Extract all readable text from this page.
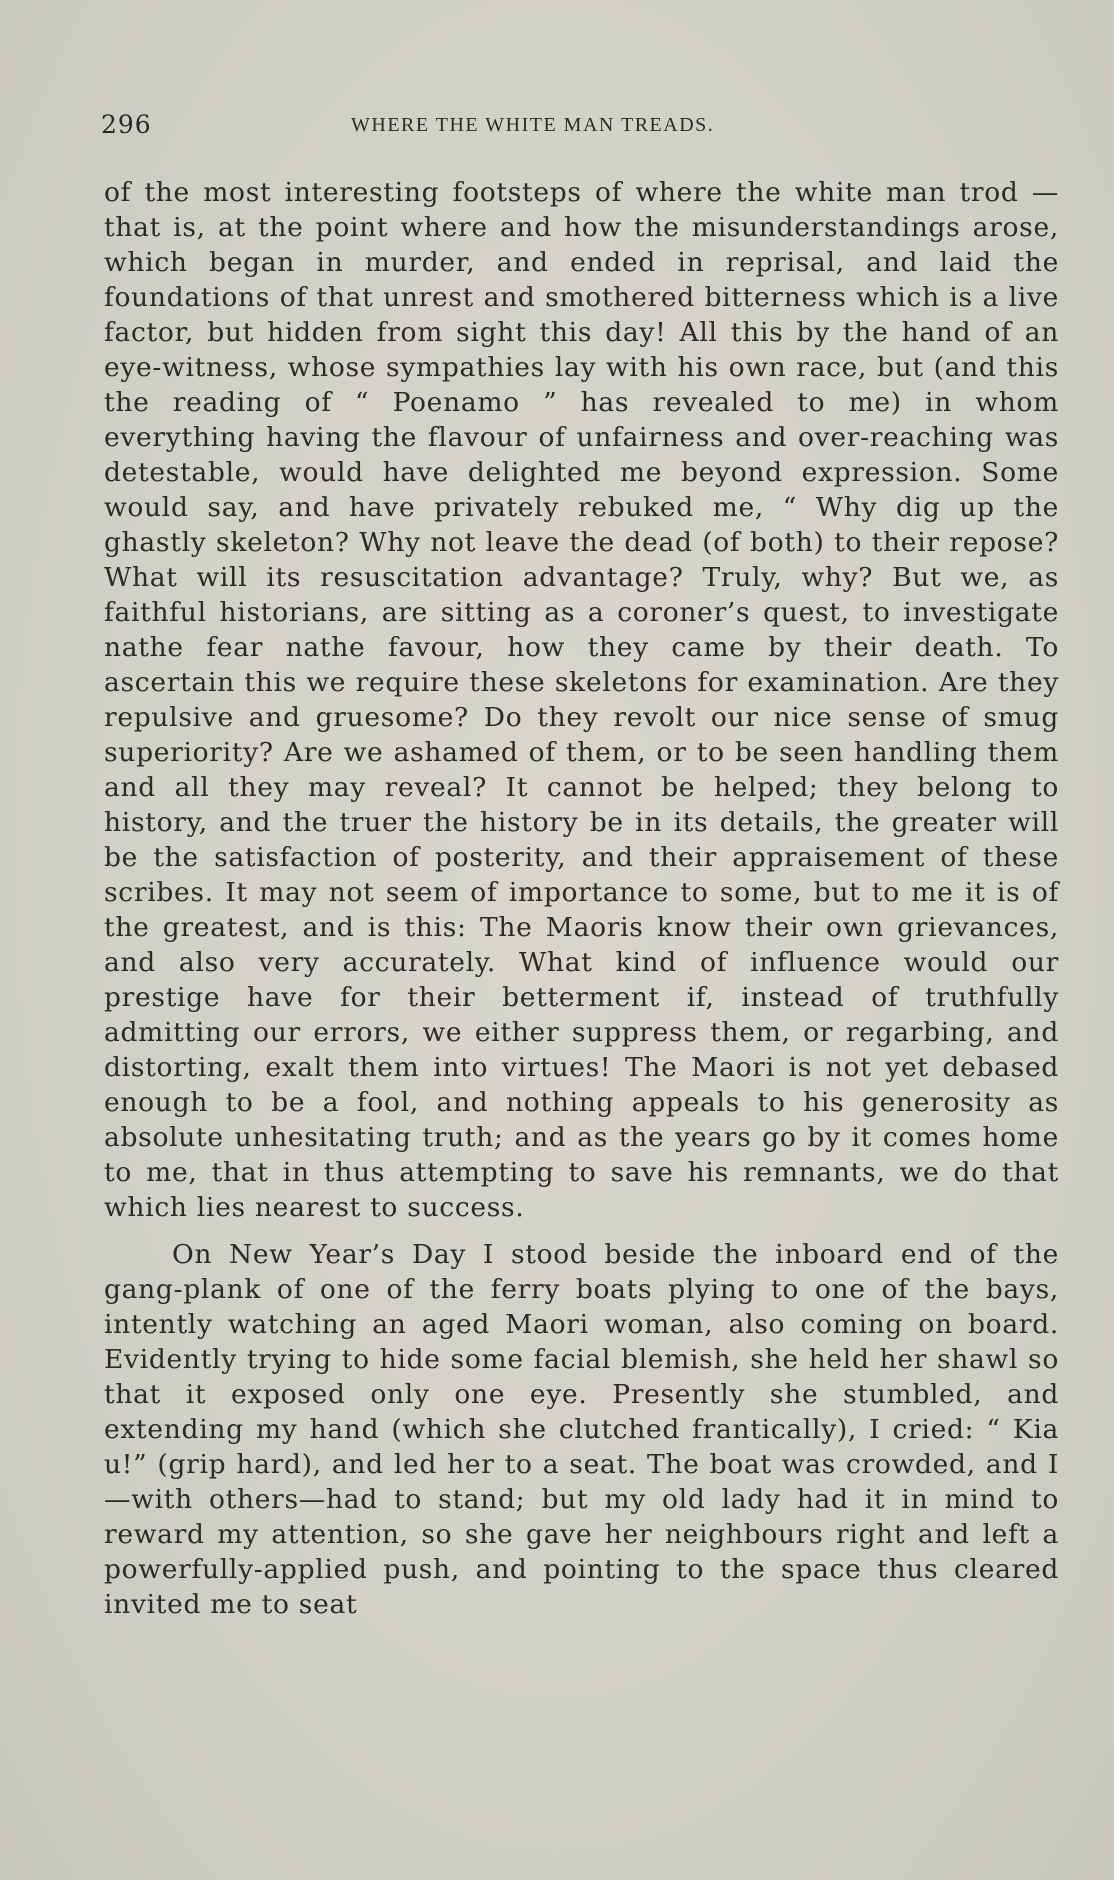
296	WHERE THE WHITE MAN TREADS.

of the most interesting footsteps of where the white man trod —that is, at the point where and how the misunderstandings arose, which began in murder, and ended in reprisal, and laid the foundations of that unrest and smothered bitterness which is a live factor, but hidden from sight this day! All this by the hand of an eye-witness, whose sympathies lay with his own race, but (and this the reading of “ Poenamo ” has revealed to me) in whom everything having the flavour of unfairness and over-reaching was detestable, would have delighted me beyond expression. Some would say, and have privately rebuked me, “ Why dig up the ghastly skeleton? Why not leave the dead (of both) to their repose? What will its resuscitation advantage? Truly, why? But we, as faithful historians, are sitting as a coroner’s quest, to investigate nathe fear nathe favour, how they came by their death. To ascertain this we require these skeletons for examination. Are they repulsive and gruesome? Do they revolt our nice sense of smug superiority? Are we ashamed of them, or to be seen handling them and all they may reveal? It cannot be helped; they belong to history, and the truer the history be in its details, the greater will be the satisfaction of posterity, and their appraisement of these scribes. It may not seem of importance to some, but to me it is of the greatest, and is this: The Maoris know their own grievances, and also very accurately. What kind of influence would our prestige have for their betterment if, instead of truthfully admitting our errors, we either suppress them, or regarbing, and distorting, exalt them into virtues! The Maori is not yet debased enough to be a fool, and nothing appeals to his generosity as absolute unhesitating truth; and as the years go by it comes home to me, that in thus attempting to save his remnants, we do that which lies nearest to success.

On New Year’s Day I stood beside the inboard end of the gang-plank of one of the ferry boats plying to one of the bays, intently watching an aged Maori woman, also coming on board. Evidently trying to hide some facial blemish, she held her shawl so that it exposed only one eye. Presently she stumbled, and extending my hand (which she clutched frantically), I cried: “ Kia u!” (grip hard), and led her to a seat. The boat was crowded, and I—with others—had to stand; but my old lady had it in mind to reward my attention, so she gave her neighbours right and left a powerfully-applied push, and pointing to the space thus cleared invited me to seat
